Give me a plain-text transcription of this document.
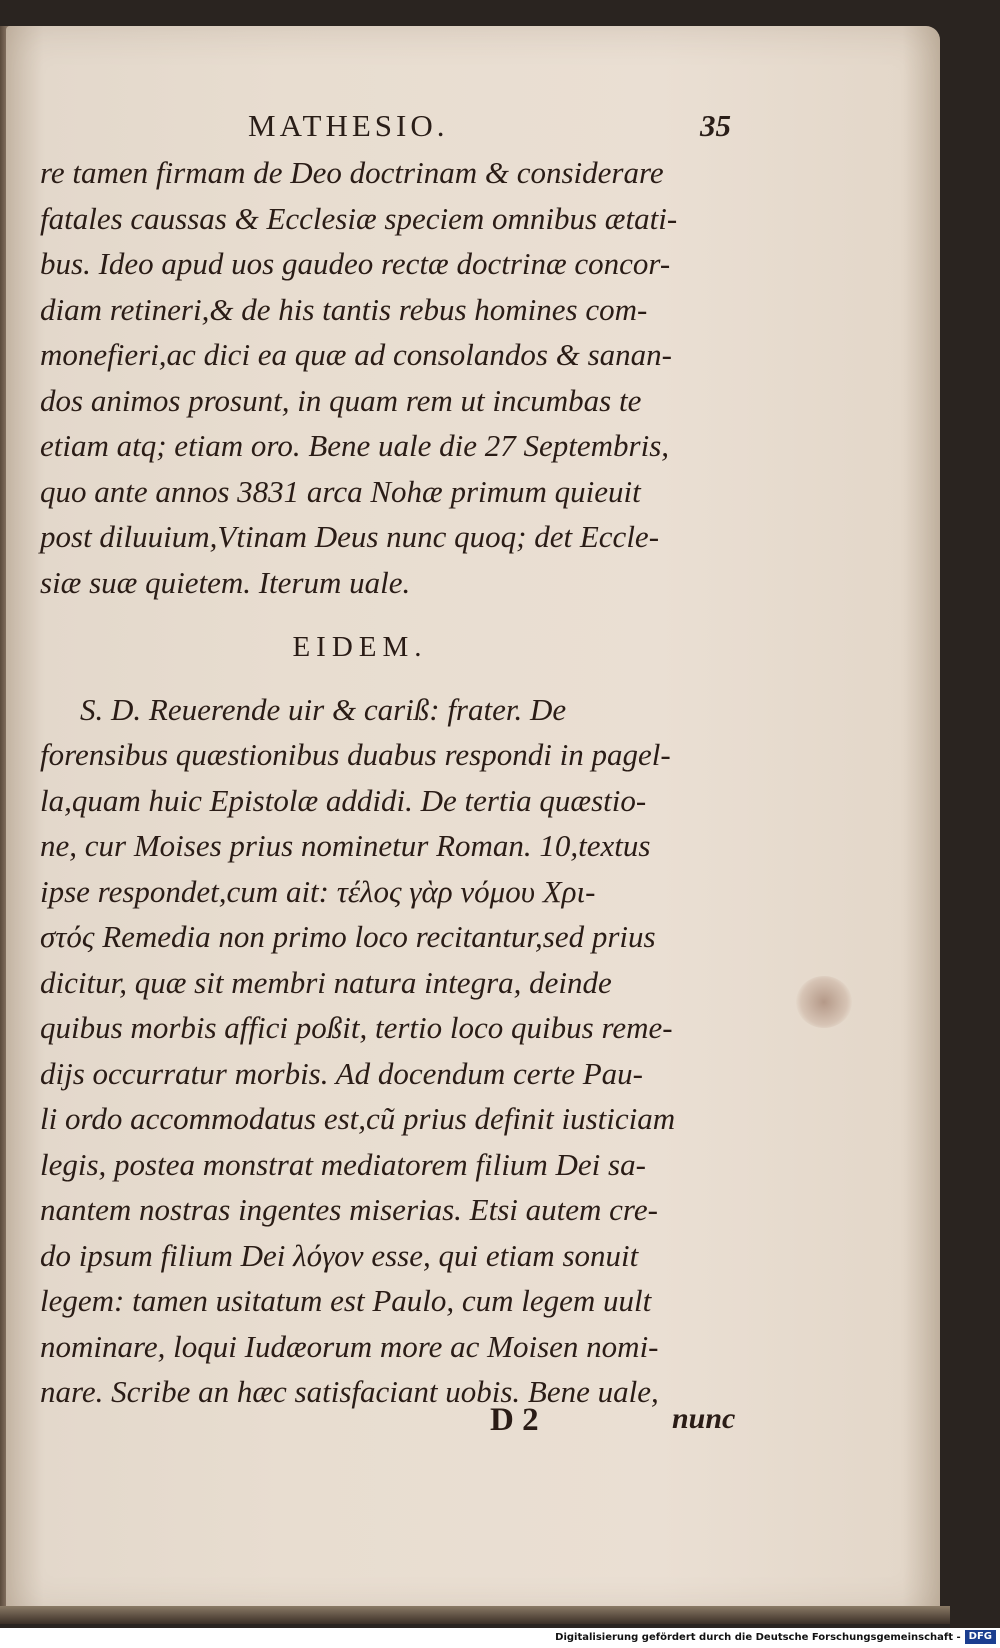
MATHESIO.	35
re tamen firmam de Deo doctrinam & considerare
fatales caussas & Ecclesiæ speciem omnibus ætati-
bus. Ideo apud uos gaudeo rectæ doctrinæ concor-
diam retineri,& de his tantis rebus homines com-
monefieri,ac dici ea quæ ad consolandos & sanan-
dos animos prosunt, in quam rem ut incumbas te
etiam atq; etiam oro. Bene uale die 27 Septembris,
quo ante annos 3831 arca Nohæ primum quieuit
post diluuium,Vtinam Deus nunc quoq; det Eccle-
siæ suæ quietem. Iterum uale.
EIDEM.
S. D. Reuerende uir & cariß: frater. De
forensibus quæstionibus duabus respondi in pagel-
la,quam huic Epistolæ addidi. De tertia quæstio-
ne, cur Moises prius nominetur Roman. 10,textus
ipse respondet,cum ait: τέλος γὰρ νόμου Χρι-
στός Remedia non primo loco recitantur,sed prius
dicitur, quæ sit membri natura integra, deinde
quibus morbis affici poßit, tertio loco quibus reme-
dijs occurratur morbis. Ad docendum certe Pau-
li ordo accommodatus est,cũ prius definit iusticiam
legis, postea monstrat mediatorem filium Dei sa-
nantem nostras ingentes miserias. Etsi autem cre-
do ipsum filium Dei λόγον esse, qui etiam sonuit
legem: tamen usitatum est Paulo, cum legem uult
nominare, loqui Iudæorum more ac Moisen nomi-
nare. Scribe an hæc satisfaciant uobis. Bene uale,
D 2	nunc
Digitalisierung gefördert durch die Deutsche Forschungsgemeinschaft - DFG
